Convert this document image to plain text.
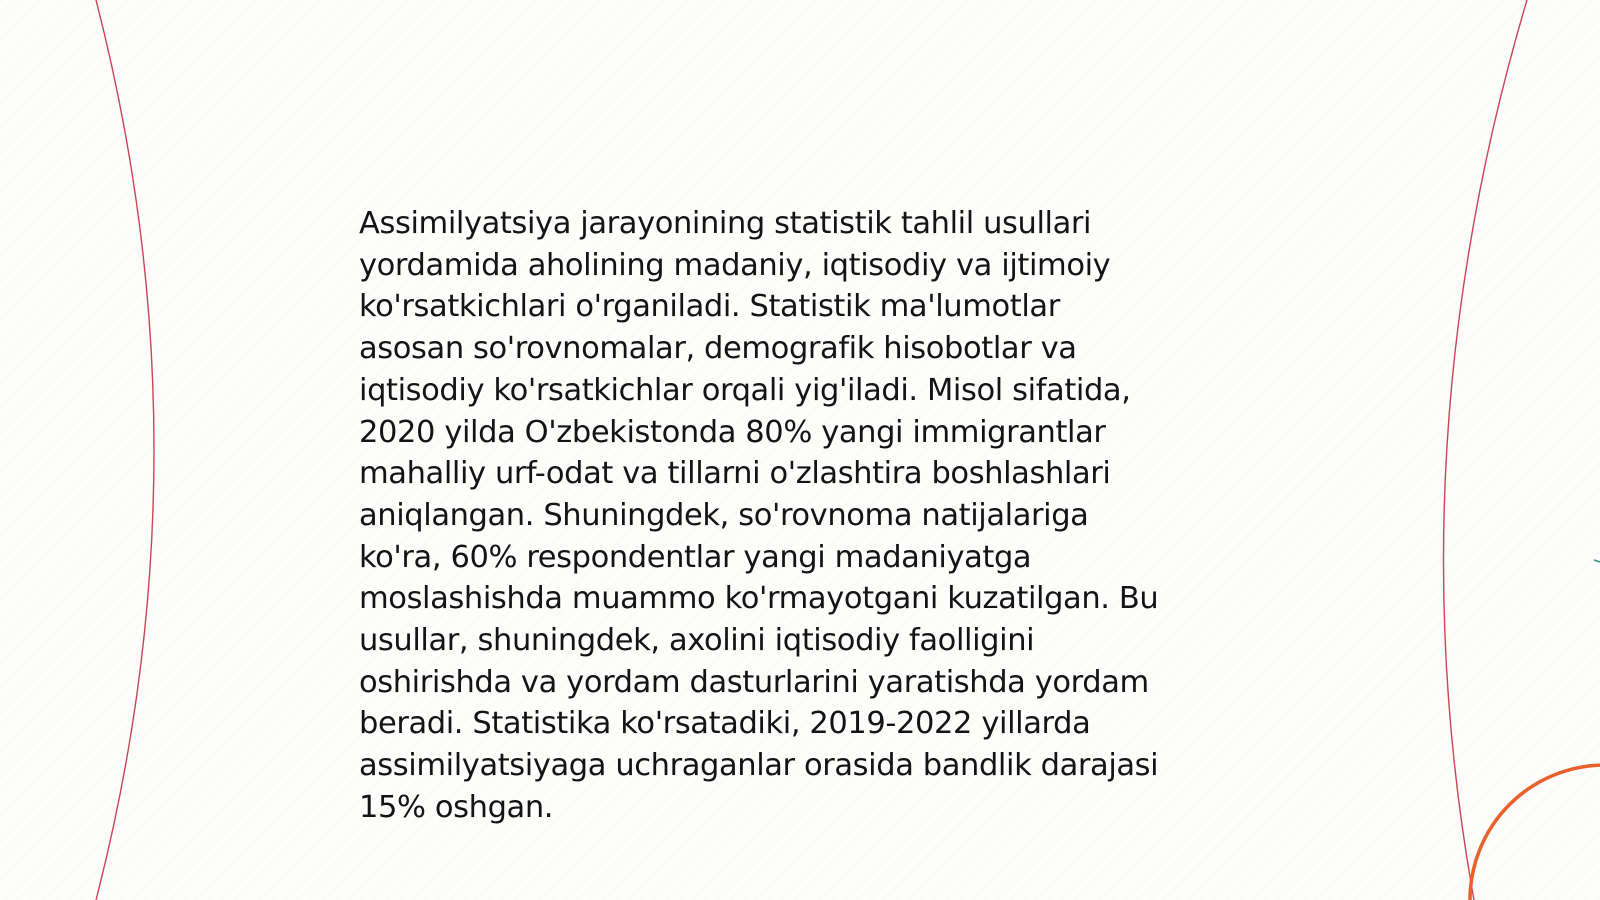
Assimilyatsiya jarayonining statistik tahlil usullari
yordamida aholining madaniy, iqtisodiy va ijtimoiy
ko'rsatkichlari o'rganiladi. Statistik ma'lumotlar
asosan so'rovnomalar, demografik hisobotlar va
iqtisodiy ko'rsatkichlar orqali yig'iladi. Misol sifatida,
2020 yilda O'zbekistonda 80% yangi immigrantlar
mahalliy urf-odat va tillarni o'zlashtira boshlashlari
aniqlangan. Shuningdek, so'rovnoma natijalariga
ko'ra, 60% respondentlar yangi madaniyatga
moslashishda muammo ko'rmayotgani kuzatilgan. Bu
usullar, shuningdek, axolini iqtisodiy faolligini
oshirishda va yordam dasturlarini yaratishda yordam
beradi. Statistika ko'rsatadiki, 2019-2022 yillarda
assimilyatsiyaga uchraganlar orasida bandlik darajasi
15% oshgan.
